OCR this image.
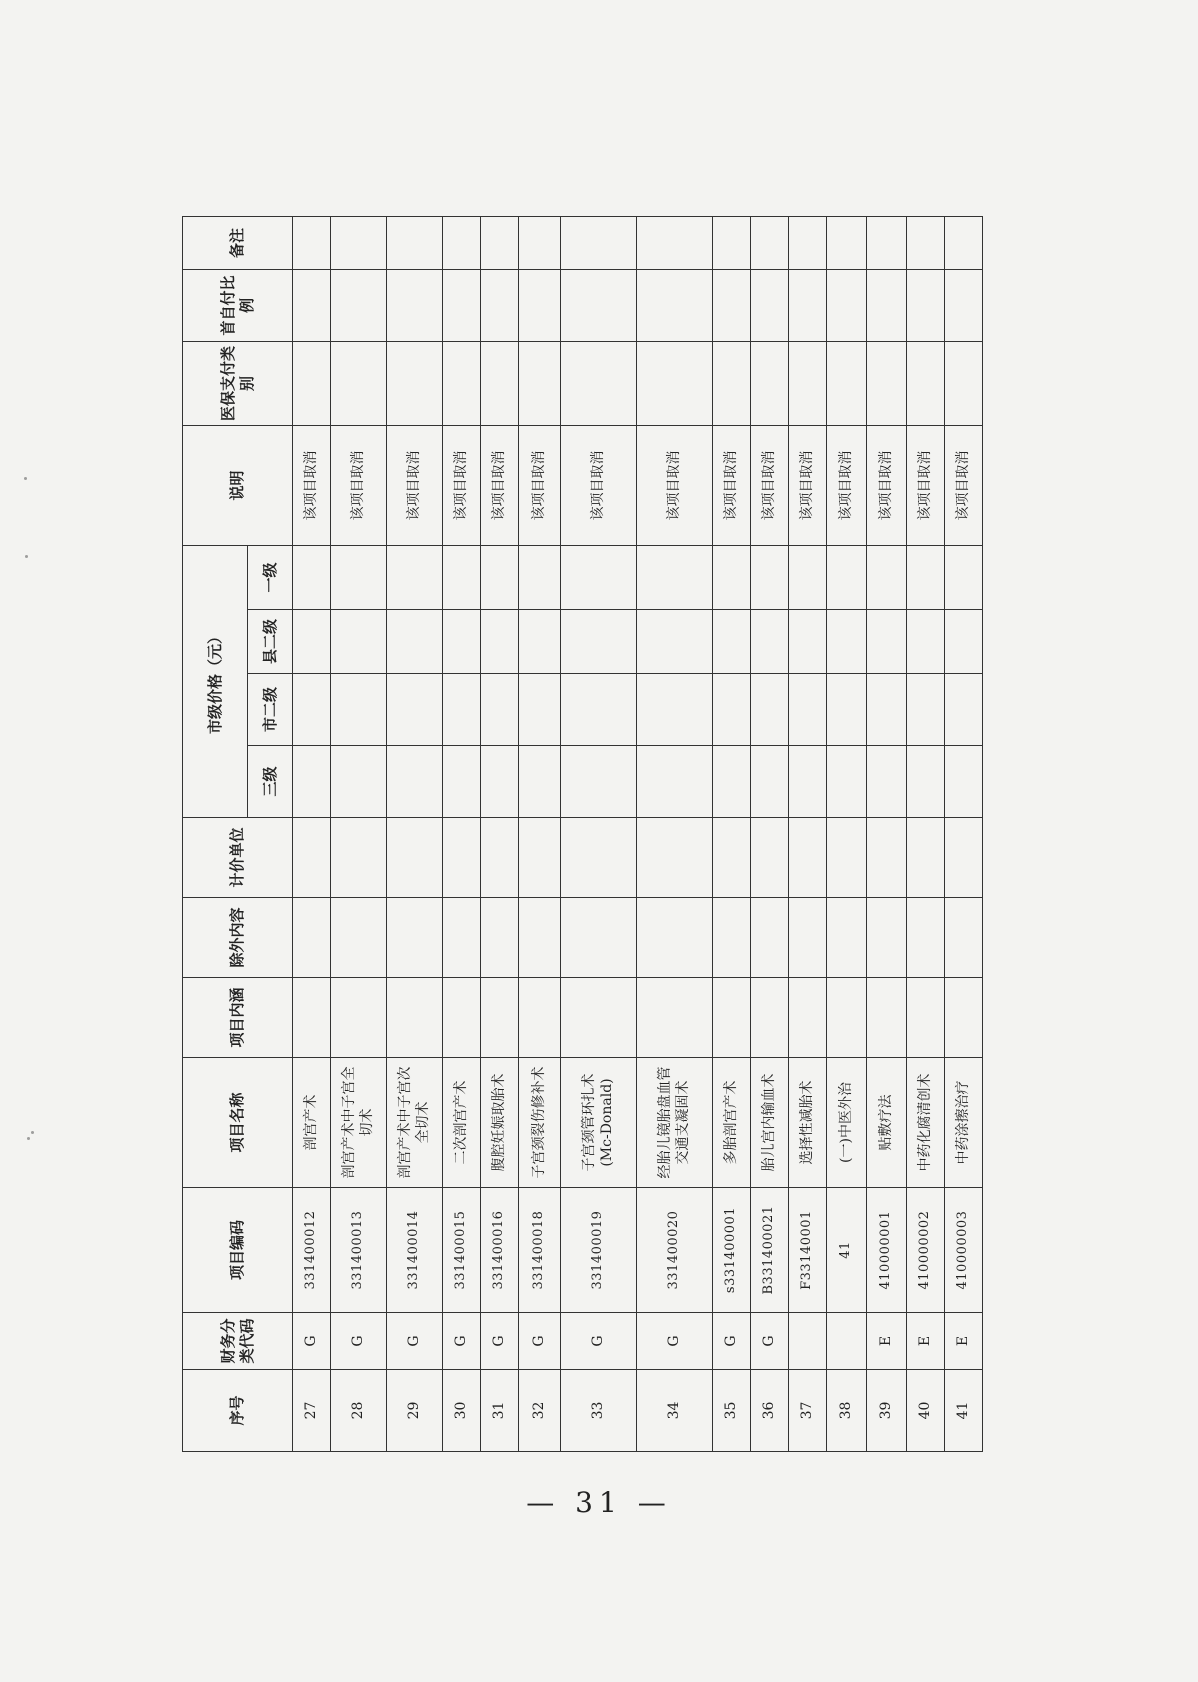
序号	财务分类代码	项目编码	项目名称	项目内涵	除外内容	计价单位	市级价格（元）				说明	医保支付类别	首自付比例	备注
							三级	市二级	县二级	一级				
27	G	331400012	剖宫产术								该项目取消			
28	G	331400013	剖宫产术中子宫全切术								该项目取消			
29	G	331400014	剖宫产术中子宫次全切术								该项目取消			
30	G	331400015	二次剖宫产术								该项目取消			
31	G	331400016	腹腔妊娠取胎术								该项目取消			
32	G	331400018	子宫颈裂伤修补术								该项目取消			
33	G	331400019	子宫颈管环扎术(Mc-Donald)								该项目取消			
34	G	331400020	经胎儿镜胎盘血管交通支凝固术								该项目取消			
35	G	s331400001	多胎剖宫产术								该项目取消			
36	G	B331400021	胎儿宫内输血术								该项目取消			
37		F33140001	选择性减胎术								该项目取消			
38		41	(一)中医外治								该项目取消			
39	E	410000001	贴敷疗法								该项目取消			
40	E	410000002	中药化腐清创术								该项目取消			
41	E	410000003	中药涂擦治疗								该项目取消			
— 31 —
